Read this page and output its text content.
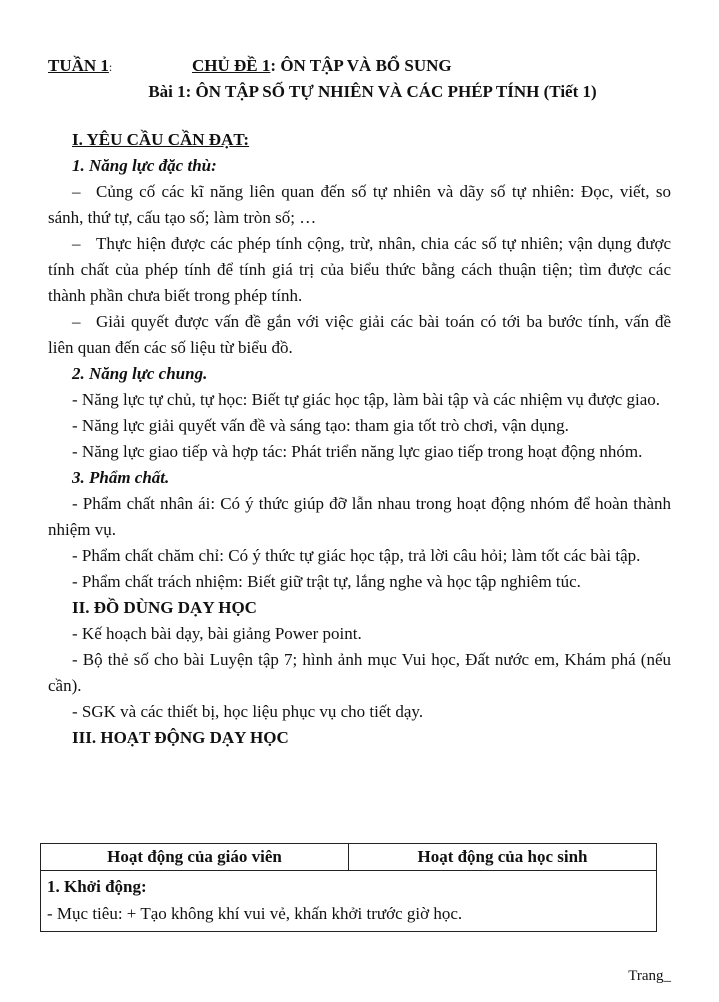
TUẦN 1:	CHỦ ĐỀ 1: ÔN TẬP VÀ BỔ SUNG
Bài 1: ÔN TẬP SỐ TỰ NHIÊN VÀ CÁC PHÉP TÍNH (Tiết 1)
I. YÊU CẦU CẦN ĐẠT:
1. Năng lực đặc thù:

– Củng cố các kĩ năng liên quan đến số tự nhiên và dãy số tự nhiên: Đọc, viết, so sánh, thứ tự, cấu tạo số; làm tròn số; …

– Thực hiện được các phép tính cộng, trừ, nhân, chia các số tự nhiên; vận dụng được tính chất của phép tính để tính giá trị của biểu thức bằng cách thuận tiện; tìm được các thành phần chưa biết trong phép tính.

– Giải quyết được vấn đề gắn với việc giải các bài toán có tới ba bước tính, vấn đề liên quan đến các số liệu từ biểu đồ.

2. Năng lực chung.

- Năng lực tự chủ, tự học: Biết tự giác học tập, làm bài tập và các nhiệm vụ được giao.

- Năng lực giải quyết vấn đề và sáng tạo: tham gia tốt trò chơi, vận dụng.

- Năng lực giao tiếp và hợp tác: Phát triển năng lực giao tiếp trong hoạt động nhóm.

3. Phẩm chất.

- Phẩm chất nhân ái: Có ý thức giúp đỡ lẫn nhau trong hoạt động nhóm để hoàn thành nhiệm vụ.

- Phẩm chất chăm chỉ: Có ý thức tự giác học tập, trả lời câu hỏi; làm tốt các bài tập.

- Phẩm chất trách nhiệm: Biết giữ trật tự, lắng nghe và học tập nghiêm túc.

II. ĐỒ DÙNG DẠY HỌC

- Kế hoạch bài dạy, bài giảng Power point.

- Bộ thẻ số cho bài Luyện tập 7; hình ảnh mục Vui học, Đất nước em, Khám phá (nếu cần).

- SGK và các thiết bị, học liệu phục vụ cho tiết dạy.

III. HOẠT ĐỘNG DẠY HỌC
Hoạt động của giáo viên	Hoạt động của học sinh

1. Khởi động:
- Mục tiêu: + Tạo không khí vui vẻ, khấn khởi trước giờ học.
Trang_
